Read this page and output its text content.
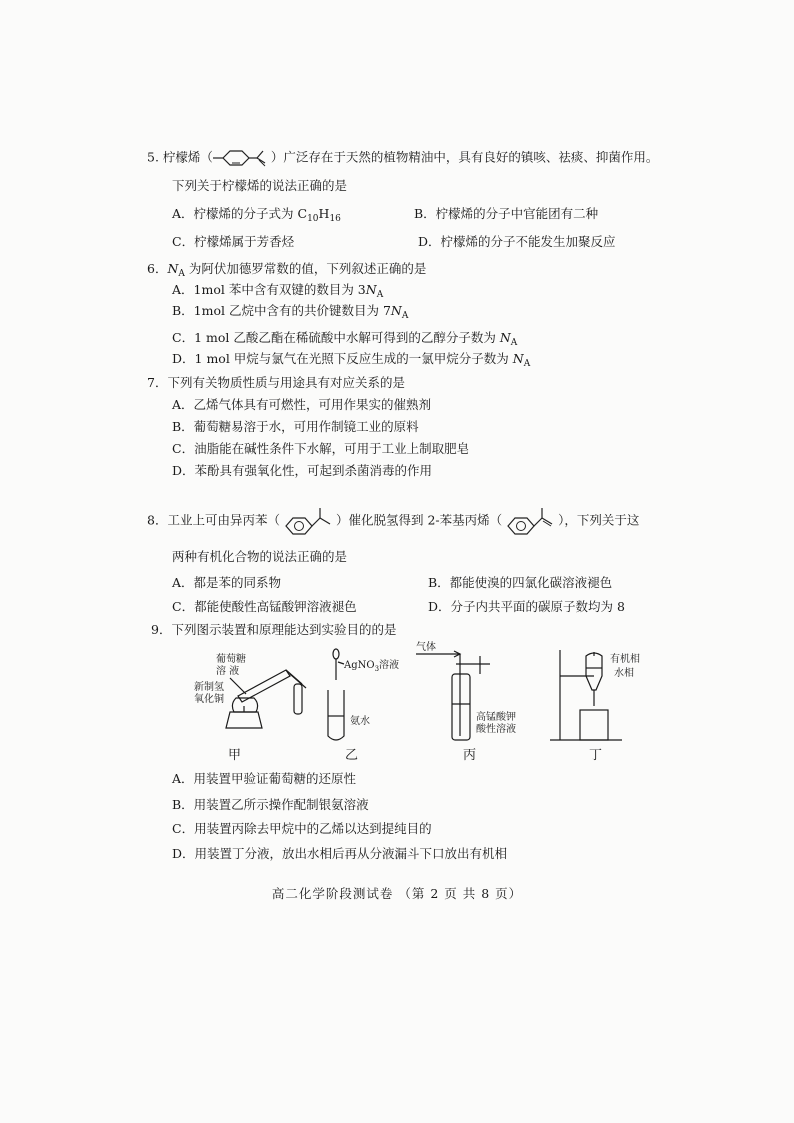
5. 柠檬烯（	）广泛存在于天然的植物精油中，具有良好的镇咳、祛痰、抑菌作用。
下列关于柠檬烯的说法正确的是
A．柠檬烯的分子式为 $C_{10}H_{16}$	B．柠檬烯的分子中官能团有二种
C．柠檬烯属于芳香烃	D．柠檬烯的分子不能发生加聚反应
6．$N_A$ 为阿伏加德罗常数的值，下列叙述正确的是
A．1mol 苯中含有双键的数目为 $3N_A$
B．1mol 乙烷中含有的共价键数目为 $7N_A$
C．1 mol 乙酸乙酯在稀硫酸中水解可得到的乙醇分子数为 $N_A$
D．1 mol 甲烷与氯气在光照下反应生成的一氯甲烷分子数为 $N_A$
7．下列有关物质性质与用途具有对应关系的是
A．乙烯气体具有可燃性，可用作果实的催熟剂
B．葡萄糖易溶于水，可用作制镜工业的原料
C．油脂能在碱性条件下水解，可用于工业上制取肥皂
D．苯酚具有强氧化性，可起到杀菌消毒的作用
8．工业上可由异丙苯（	）催化脱氢得到 2-苯基丙烯（	），下列关于这
两种有机化合物的说法正确的是
A．都是苯的同系物	B．都能使溴的四氯化碳溶液褪色
C．都能使酸性高锰酸钾溶液褪色	D．分子内共平面的碳原子数均为 8
9．下列图示装置和原理能达到实验目的的是
葡萄糖
溶 液
新制氢
氧化铜
AgNO$_3$溶液
氨水
气体
高锰酸钾
酸性溶液
有机相
水相
甲	乙	丙	丁
A．用装置甲验证葡萄糖的还原性
B．用装置乙所示操作配制银氨溶液
C．用装置丙除去甲烷中的乙烯以达到提纯目的
D．用装置丁分液，放出水相后再从分液漏斗下口放出有机相
高二化学阶段测试卷 （第 2 页 共 8 页）
